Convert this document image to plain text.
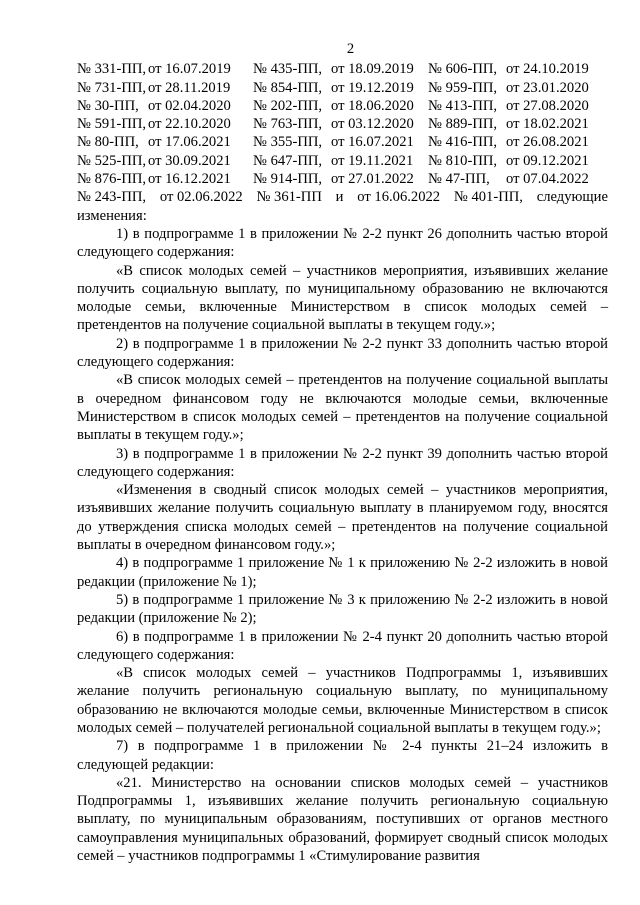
2
№ 331-ПП,	от 16.07.2019	№ 435-ПП,	от 18.09.2019	№ 606-ПП,	от 24.10.2019
№ 731-ПП,	от 28.11.2019	№ 854-ПП,	от 19.12.2019	№ 959-ПП,	от 23.01.2020
№ 30-ПП,	от 02.04.2020	№ 202-ПП,	от 18.06.2020	№ 413-ПП,	от 27.08.2020
№ 591-ПП,	от 22.10.2020	№ 763-ПП,	от 03.12.2020	№ 889-ПП,	от 18.02.2021
№ 80-ПП,	от 17.06.2021	№ 355-ПП,	от 16.07.2021	№ 416-ПП,	от 26.08.2021
№ 525-ПП,	от 30.09.2021	№ 647-ПП,	от 19.11.2021	№ 810-ПП,	от 09.12.2021
№ 876-ПП,	от 16.12.2021	№ 914-ПП,	от 27.01.2022	№ 47-ПП,	от 07.04.2022
№ 243-ПП, от 02.06.2022 № 361-ПП и от 16.06.2022 № 401-ПП, следующие

изменения:

1) в подпрограмме 1 в приложении № 2-2 пункт 26 дополнить частью второй следующего содержания:

«В список молодых семей – участников мероприятия, изъявивших желание получить социальную выплату, по муниципальному образованию не включаются молодые семьи, включенные Министерством в список молодых семей – претендентов на получение социальной выплаты в текущем году.»;

2) в подпрограмме 1 в приложении № 2-2 пункт 33 дополнить частью второй следующего содержания:

«В список молодых семей – претендентов на получение социальной выплаты в очередном финансовом году не включаются молодые семьи, включенные Министерством в список молодых семей – претендентов на получение социальной выплаты в текущем году.»;

3) в подпрограмме 1 в приложении № 2-2 пункт 39 дополнить частью второй следующего содержания:

«Изменения в сводный список молодых семей – участников мероприятия, изъявивших желание получить социальную выплату в планируемом году, вносятся до утверждения списка молодых семей – претендентов на получение социальной выплаты в очередном финансовом году.»;

4) в подпрограмме 1 приложение № 1 к приложению № 2-2 изложить в новой редакции (приложение № 1);

5) в подпрограмме 1 приложение № 3 к приложению № 2-2 изложить в новой редакции (приложение № 2);

6) в подпрограмме 1 в приложении № 2-4 пункт 20 дополнить частью второй следующего содержания:

«В список молодых семей – участников Подпрограммы 1, изъявивших желание получить региональную социальную выплату, по муниципальному образованию не включаются молодые семьи, включенные Министерством в список молодых семей – получателей региональной социальной выплаты в текущем году.»;

7) в подпрограмме 1 в приложении № 2-4 пункты 21–24 изложить в следующей редакции:

«21. Министерство на основании списков молодых семей – участников Подпрограммы 1, изъявивших желание получить региональную социальную выплату, по муниципальным образованиям, поступивших от органов местного самоуправления муниципальных образований, формирует сводный список молодых семей – участников подпрограммы 1 «Стимулирование развития
